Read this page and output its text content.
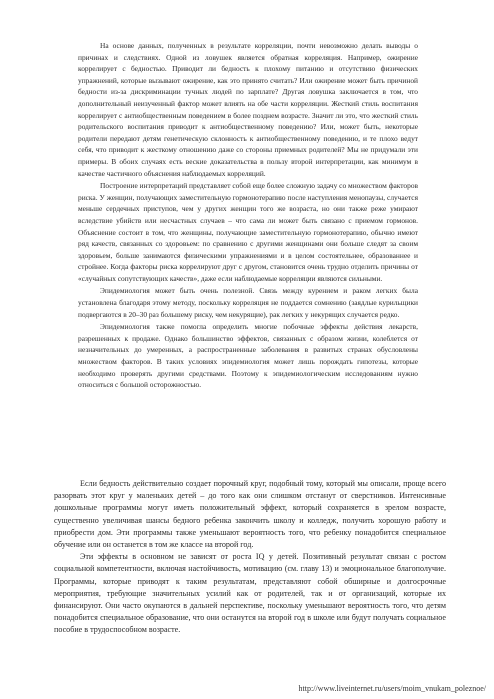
На основе данных, полученных в результате корреляции, почти невозможно делать выводы о причинах и следствиях. Одной из ловушек является обратная корреляция. Например, ожирение коррелирует с бедностью. Приводит ли бедность к плохому питанию и отсутствию физических упражнений, которые вызывают ожирение, как это принято считать? Или ожирение может быть причиной бедности из-за дискриминации тучных людей по зарплате? Другая ловушка заключается в том, что дополнительный неизученный фактор может влиять на обе части корреляции. Жесткий стиль воспитания коррелирует с антиобщественным поведением в более позднем возрасте. Значит ли это, что жесткий стиль родительского воспитания приводит к антиобщественному поведению? Или, может быть, некоторые родители передают детям генетическую склонность к антиобщественному поведению, и те плохо ведут себя, что приводит к жесткому отношению даже со стороны приемных родителей? Мы не придумали эти примеры. В обоих случаях есть веские доказательства в пользу второй интерпретации, как минимум в качестве частичного объяснения наблюдаемых корреляций.

Построение интерпретаций представляет собой еще более сложную задачу со множеством факторов риска. У женщин, получающих заместительную гормонотерапию после наступления менопаузы, случается меньше сердечных приступов, чем у других женщин того же возраста, но они также реже умирают вследствие убийств или несчастных случаев – что сама ли может быть связано с приемом гормонов. Объяснение состоит в том, что женщины, получающие заместительную гормонотерапию, обычно имеют ряд качеств, связанных со здоровьем: по сравнению с другими женщинами они больше следят за своим здоровьем, больше занимаются физическими упражнениями и в целом состоятельнее, образованнее и стройнее. Когда факторы риска коррелируют друг с другом, становится очень трудно отделить причины от «случайных сопутствующих качеств», даже если наблюдаемые корреляции являются сильными.

Эпидемиология может быть очень полезной. Связь между курением и раком легких была установлена благодаря этому методу, поскольку корреляция не поддается сомнению (заядлые курильщики подвергаются в 20–30 раз большему риску, чем некурящие), рак легких у некурящих случается редко.

Эпидемиология также помогла определить многие побочные эффекты действия лекарств, разрешенных к продаже. Однако большинство эффектов, связанных с образом жизни, колеблется от незначительных до умеренных, а распространенные заболевания в развитых странах обусловлены множеством факторов. В таких условиях эпидемиология может лишь порождать гипотезы, которые необходимо проверять другими средствами. Поэтому к эпидемиологическим исследованиям нужно относиться с большой осторожностью.

Если бедность действительно создает порочный круг, подобный тому, который мы описали, проще всего разорвать этот круг у маленьких детей – до того как они слишком отстанут от сверстников. Интенсивные дошкольные программы могут иметь положительный эффект, который сохраняется в зрелом возрасте, существенно увеличивая шансы бедного ребенка закончить школу и колледж, получить хорошую работу и приобрести дом. Эти программы также уменьшают вероятность того, что ребенку понадобится специальное обучение или он останется в том же классе на второй год.

Эти эффекты в основном не зависят от роста IQ у детей. Позитивный результат связан с ростом социальной компетентности, включая настойчивость, мотивацию (см. главу 13) и эмоциональное благополучие. Программы, которые приводят к таким результатам, представляют собой обширные и долгосрочные мероприятия, требующие значительных усилий как от родителей, так и от организаций, которые их финансируют. Они часто окупаются в дальней перспективе, поскольку уменьшают вероятность того, что детям понадобится специальное образование, что они останутся на второй год в школе или будут получать социальное пособие в трудоспособном возрасте.

http://www.liveinternet.ru/users/moim_vnukam_poleznoe/
